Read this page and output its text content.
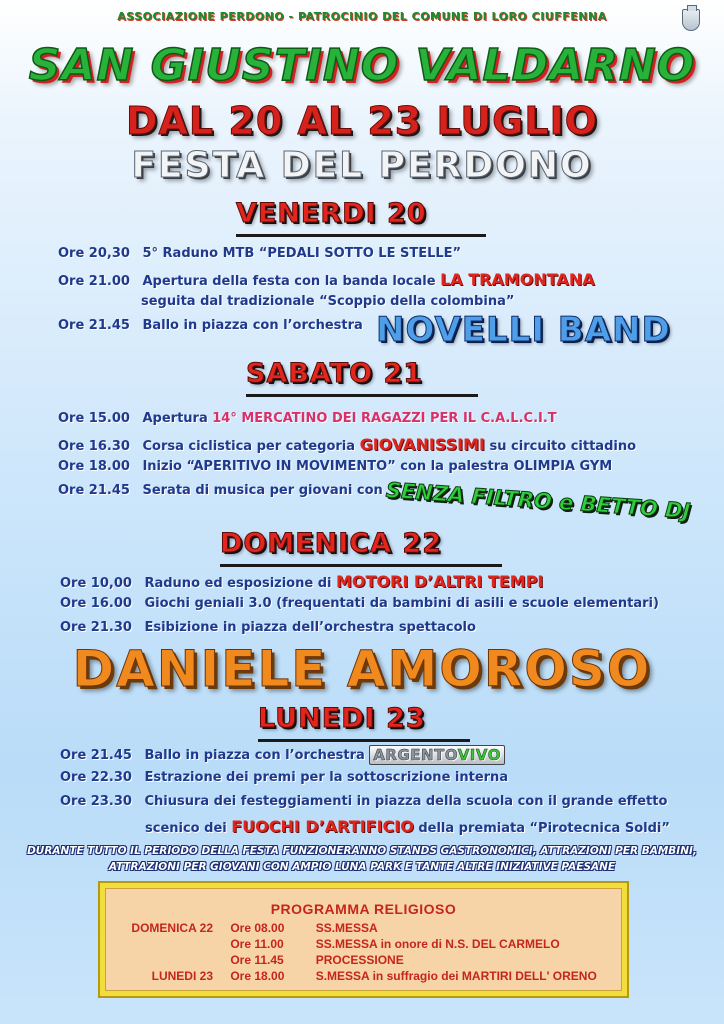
ASSOCIAZIONE PERDONO - PATROCINIO DEL COMUNE DI LORO CIUFFENNA
SAN GIUSTINO VALDARNO
DAL 20 AL 23 LUGLIO
FESTA DEL PERDONO
VENERDI 20
Ore 20,30 5° Raduno MTB “PEDALI SOTTO LE STELLE”
Ore 21.00 Apertura della festa con la banda locale LA TRAMONTANA
seguita dal tradizionale “Scoppio della colombina”
Ore 21.45 Ballo in piazza con l’orchestra NOVELLI BAND
SABATO 21
Ore 15.00 Apertura 14° MERCATINO DEI RAGAZZI PER IL C.A.L.C.I.T
Ore 16.30 Corsa ciclistica per categoria GIOVANISSIMI su circuito cittadino
Ore 18.00 Inizio “APERITIVO IN MOVIMENTO” con la palestra OLIMPIA GYM
Ore 21.45 Serata di musica per giovani con SENZA FILTRO e BETTO DJ
DOMENICA 22
Ore 10,00 Raduno ed esposizione di MOTORI D’ALTRI TEMPI
Ore 16.00 Giochi geniali 3.0 (frequentati da bambini di asili e scuole elementari)
Ore 21.30 Esibizione in piazza dell’orchestra spettacolo
DANIELE AMOROSO
LUNEDI 23
Ore 21.45 Ballo in piazza con l’orchestra ARGENTOVIVO
Ore 22.30 Estrazione dei premi per la sottoscrizione interna
Ore 23.30 Chiusura dei festeggiamenti in piazza della scuola con il grande effetto
scenico dei FUOCHI D’ARTIFICIO della premiata “Pirotecnica Soldi”
DURANTE TUTTO IL PERIODO DELLA FESTA FUNZIONERANNO STANDS GASTRONOMICI, ATTRAZIONI PER BAMBINI,
ATTRAZIONI PER GIOVANI CON AMPIO LUNA PARK E TANTE ALTRE INIZIATIVE PAESANE
PROGRAMMA RELIGIOSO
DOMENICA 22 Ore 08.00	SS.MESSA
Ore 11.00	SS.MESSA in onore di N.S. DEL CARMELO
Ore 11.45	PROCESSIONE
LUNEDI 23 Ore 18.00	S.MESSA in suffragio dei MARTIRI DELL' ORENO
